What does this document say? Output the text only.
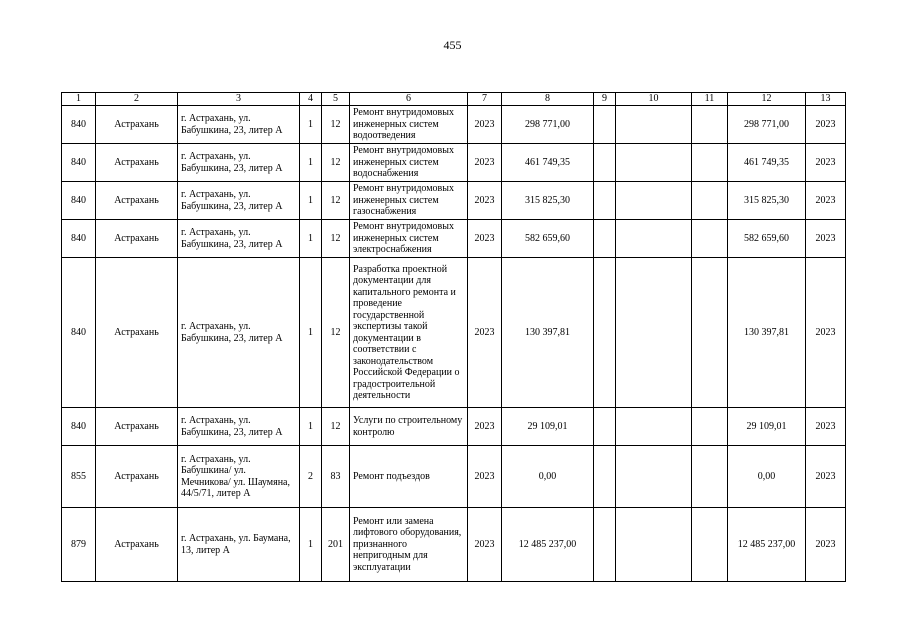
455
1	2	3	4	5	6	7	8	9	10	11	12	13
840	Астрахань	г. Астрахань, ул. Бабушкина, 23, литер А	1	12	Ремонт внутридомовых инженерных систем водоотведения	2023	298 771,00				298 771,00	2023
840	Астрахань	г. Астрахань, ул. Бабушкина, 23, литер А	1	12	Ремонт внутридомовых инженерных систем водоснабжения	2023	461 749,35				461 749,35	2023
840	Астрахань	г. Астрахань, ул. Бабушкина, 23, литер А	1	12	Ремонт внутридомовых инженерных систем газоснабжения	2023	315 825,30				315 825,30	2023
840	Астрахань	г. Астрахань, ул. Бабушкина, 23, литер А	1	12	Ремонт внутридомовых инженерных систем электроснабжения	2023	582 659,60				582 659,60	2023
840	Астрахань	г. Астрахань, ул. Бабушкина, 23, литер А	1	12	Разработка проектной документации для капитального ремонта и проведение государственной экспертизы такой документации в соответствии с законодательством Российской Федерации о градостроительной деятельности	2023	130 397,81				130 397,81	2023
840	Астрахань	г. Астрахань, ул. Бабушкина, 23, литер А	1	12	Услуги по строительному контролю	2023	29 109,01				29 109,01	2023
855	Астрахань	г. Астрахань, ул. Бабушкина/ ул. Мечникова/ ул. Шаумяна, 44/5/71, литер А	2	83	Ремонт подъездов	2023	0,00				0,00	2023
879	Астрахань	г. Астрахань, ул. Баумана, 13, литер А	1	201	Ремонт или замена лифтового оборудования, признанного непригодным для эксплуатации	2023	12 485 237,00				12 485 237,00	2023
